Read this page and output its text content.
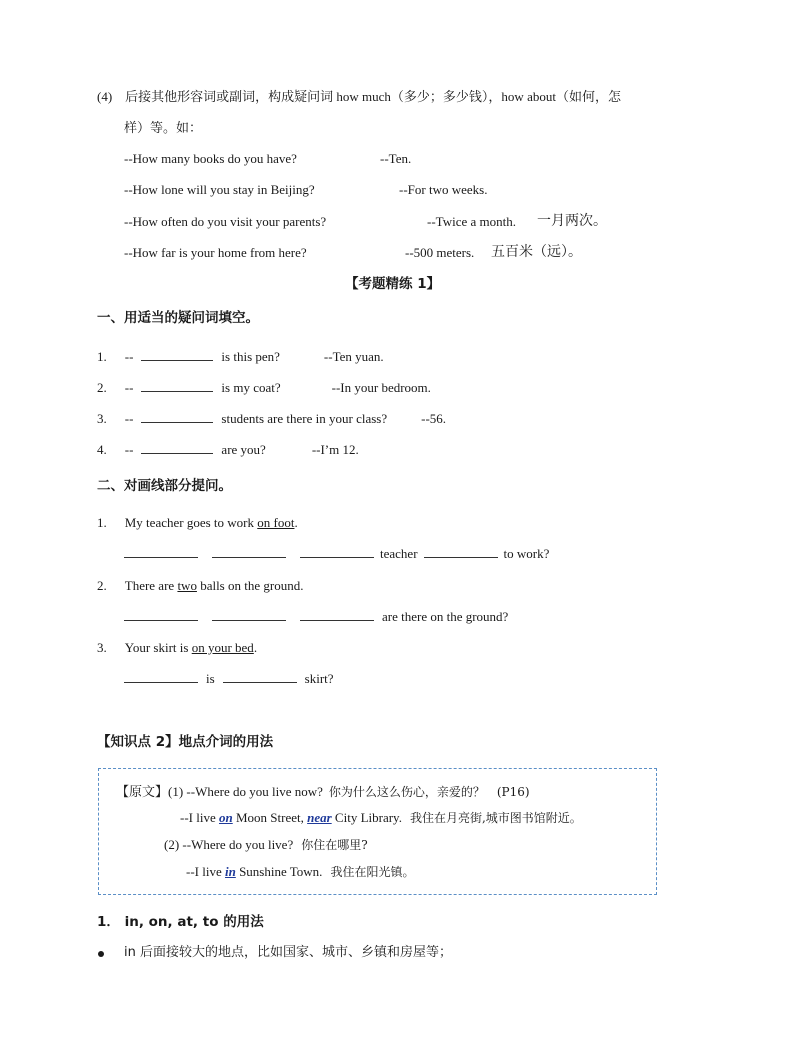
(4)　后接其他形容词或副词，构成疑问词 how much（多少；多少钱），how about（如何，怎
样）等。如：
--How many books do you have?	--Ten.
--How lone will you stay in Beijing?	--For two weeks.
--How often do you visit your parents?	--Twice a month. 一月两次。
--How far is your home from here?	--500 meters. 五百米（远）。
【考题精练 1】
一、用适当的疑问词填空。
1. --	is this pen?	--Ten yuan.
2. --	is my coat?	--In your bedroom.
3. --	students are there in your class?	--56.
4. --	are you?	--I’m 12.
二、对画线部分提问。
1. My teacher goes to work on foot.
teacher	to work?
2. There are two balls on the ground.
are there on the ground?
3. Your skirt is on your bed.
is	skirt?
【知识点 2】地点介词的用法
【原文】(1) --Where do you live now? 你为什么这么伤心，亲爱的？　(P16)
--I live on Moon Street, near City Library. 我住在月亮街,城市图书馆附近。
(2) --Where do you live? 你住在哪里?
--I live in Sunshine Town. 我住在阳光镇。
1． in, on, at, to 的用法
in 后面接较大的地点，比如国家、城市、乡镇和房屋等；
